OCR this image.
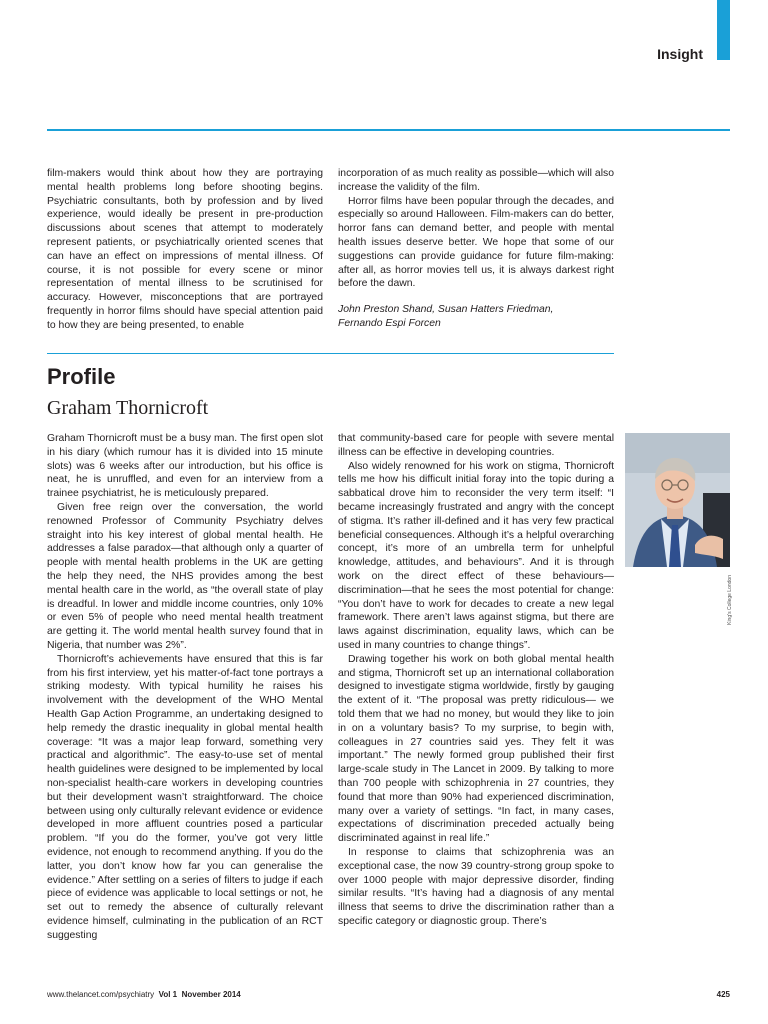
Insight

film-makers would think about how they are portraying mental health problems long before shooting begins. Psychiatric consultants, both by profession and by lived experience, would ideally be present in pre-production discussions about scenes that attempt to moderately represent patients, or psychiatrically oriented scenes that can have an effect on impressions of mental illness. Of course, it is not possible for every scene or minor representation of mental illness to be scrutinised for accuracy. However, misconceptions that are portrayed frequently in horror films should have special attention paid to how they are being presented, to enable

incorporation of as much reality as possible—which will also increase the validity of the film.

Horror films have been popular through the decades, and especially so around Halloween. Film-makers can do better, horror fans can demand better, and people with mental health issues deserve better. We hope that some of our suggestions can provide guidance for future film-making: after all, as horror movies tell us, it is always darkest right before the dawn.

John Preston Shand, Susan Hatters Friedman,
Fernando Espi Forcen

Profile
Graham Thornicroft

Graham Thornicroft must be a busy man. The first open slot in his diary (which rumour has it is divided into 15 minute slots) was 6 weeks after our introduction, but his office is neat, he is unruffled, and even for an interview from a trainee psychiatrist, he is meticulously prepared.

Given free reign over the conversation, the world renowned Professor of Community Psychiatry delves straight into his key interest of global mental health. He addresses a false paradox—that although only a quarter of people with mental health problems in the UK are getting the help they need, the NHS provides among the best mental health care in the world, as “the overall state of play is dreadful. In lower and middle income countries, only 10% or even 5% of people who need mental health treatment are getting it. The world mental health survey found that in Nigeria, that number was 2%”.

Thornicroft’s achievements have ensured that this is far from his first interview, yet his matter-of-fact tone portrays a striking modesty. With typical humility he raises his involvement with the development of the WHO Mental Health Gap Action Programme, an undertaking designed to help remedy the drastic inequality in global mental health coverage: “It was a major leap forward, something very practical and algorithmic”. The easy-to-use set of mental health guidelines were designed to be implemented by local non-specialist health-care workers in developing countries but their development wasn’t straightforward. The choice between using only culturally relevant evidence or evidence developed in more affluent countries posed a particular problem. “If you do the former, you’ve got very little evidence, not enough to recommend anything. If you do the latter, you don’t know how far you can generalise the evidence.” After settling on a series of filters to judge if each piece of evidence was applicable to local settings or not, he set out to remedy the absence of culturally relevant evidence himself, culminating in the publication of an RCT suggesting

that community-based care for people with severe mental illness can be effective in developing countries.

Also widely renowned for his work on stigma, Thornicroft tells me how his difficult initial foray into the topic during a sabbatical drove him to reconsider the very term itself: “I became increasingly frustrated and angry with the concept of stigma. It’s rather ill-defined and it has very few practical beneficial consequences. Although it’s a helpful overarching concept, it’s more of an umbrella term for unhelpful knowledge, attitudes, and behaviours”. And it is through work on the direct effect of these behaviours—discrimination—that he sees the most potential for change: “You don’t have to work for decades to create a new legal framework. There aren’t laws against stigma, but there are laws against discrimination, equality laws, which can be used in many countries to change things”.

Drawing together his work on both global mental health and stigma, Thornicroft set up an international collaboration designed to investigate stigma worldwide, firstly by gauging the extent of it. “The proposal was pretty ridiculous— we told them that we had no money, but would they like to join in on a voluntary basis? To my surprise, to begin with, colleagues in 27 countries said yes. They felt it was important.” The newly formed group published their first large-scale study in The Lancet in 2009. By talking to more than 700 people with schizophrenia in 27 countries, they found that more than 90% had experienced discrimination, many over a variety of settings. “In fact, in many cases, expectations of discrimination preceded actually being discriminated against in real life.”

In response to claims that schizophrenia was an exceptional case, the now 39 country-strong group spoke to over 1000 people with major depressive disorder, finding similar results. “It’s having had a diagnosis of any mental illness that seems to drive the discrimination rather than a specific category or diagnostic group. There’s

King's College London
www.thelancet.com/psychiatry Vol 1 November 2014	425
